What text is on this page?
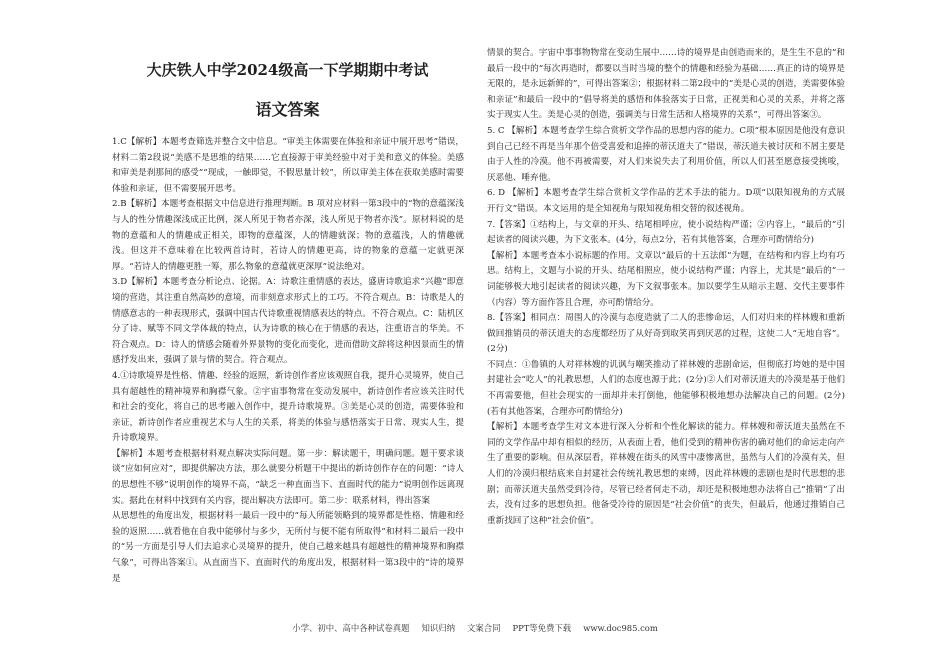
大庆铁人中学2024级高一下学期期中考试
语文答案

1.C【解析】本题考查筛选并整合文中信息。“审美主体需要在体验和亲证中展开思考”错误，材料二第2段说“美感不是思维的结果……它直接源于审美经验中对于美和意义的体验。美感和审美是刹那间的感受”“现成，一触即觉，不假思量计较”，所以审美主体在获取美感时需要体验和亲证，但不需要展开思考。

2.B【解析】本题考查根据文中信息进行推理判断。B 项对应材料一第3段中的“物的意蕴深浅与人的性分情趣深浅成正比例，深人所见于物者亦深，浅人所见于物者亦浅”。原材料说的是物的意蕴和人的情趣成正相关，即物的意蕴深，人的情趣就深；物的意蕴浅，人的情趣就浅。但这并不意味着在比较两首诗时，若诗人的情趣更高，诗的物象的意蕴一定就更深厚。“若诗人的情趣更胜一筹，那么物象的意蕴就更深厚”说法绝对。

3.D【解析】本题考查分析论点、论据。A：诗歌注重情感的表达，盛唐诗歌追求“兴趣”即意境的营造，其注重自然高妙的意境，而非刻意求形式上的工巧。不符合观点。B：诗歌是人的情感意志的一种表现形式，强调中国古代诗歌重视情感表达的特点。不符合观点。C：陆机区分了诗、赋等不同文学体裁的特点，认为诗歌的核心在于情感的表达，注重语言的华美。不符合观点。D：诗人的情感会随着外界景物的变化而变化，进而借助文辞将这种因景而生的情感抒发出来，强调了景与情的契合。符合观点。

4.①诗歌境界是性格、情趣、经验的返照，新诗创作者应该观照自我，提升心灵境界，使自己具有超越性的精神境界和胸襟气象。②宇宙事物常在变动发展中，新诗创作者应该关注时代和社会的变化，将自己的思考融入创作中，提升诗歌境界。③美是心灵的创造，需要体验和亲证，新诗创作者应重视艺术与人生的关系，将美的体验与感悟落实于日常、现实人生，提升诗歌境界。

【解析】本题考查根据材料观点解决实际问题。第一步：解读题干，明确问题。题干要求谈谈“应如何应对”，即提供解决方法，那么就要分析题干中提出的新诗创作存在的问题：“诗人的思想性不够”说明创作的境界不高，“缺乏一种直面当下、直面时代的能力”说明创作远离现实。据此在材料中找到有关内容，提出解决方法即可。第二步：联系材料，得出答案

从思想性的角度出发，根据材料一最后一段中的“每人所能领略到的境界都是性格、情趣和经验的返照……就看他在自我中能够付与多少，无所付与便不能有所取得”和材料二最后一段中的“另一方面是引导人们去追求心灵境界的提升，使自己越来越具有超越性的精神境界和胸襟气象”，可得出答案①。从直面当下、直面时代的角度出发，根据材料一第3段中的“诗的境界是

情景的契合。宇宙中事事物物常在变动生展中……诗的境界是由创造而来的，是生生不息的”和最后一段中的“每次再造时，都要以当时当境的整个的情趣和经验为基础……真正的诗的境界是无限的，是永远新鲜的”，可得出答案②；根据材料二第2段中的“美是心灵的创造，美需要体验和亲证”和最后一段中的“倡导将美的感悟和体验落实于日常，正视美和心灵的关系，并将之落实于现实人生。美是心灵的创造，强调美与日常生活和人格境界的关系”，可得出答案③。

5. C 【解析】本题考查学生综合赏析文学作品的思想内容的能力。C项“根本原因是他没有意识到自己已经不再是当年那个倍受喜爱和追捧的蒂沃道夫了”错误，蒂沃道夫被讨厌和不屑主要是由于人性的冷漠。他不再被需要，对人们来说失去了利用价值，所以人们甚至愿意接受挑唆，厌恶他、唾弃他。

6. D 【解析】本题考查学生综合赏析文学作品的艺术手法的能力。D项“以限知视角的方式展开行文”错误。本文运用的是全知视角与限知视角相交替的叙述视角。

7.【答案】①结构上，与文章的开头、结尾相呼应，使小说结构严谨；②内容上，“最后的”引起读者的阅读兴趣，为下文张本。(4分，每点2分，若有其他答案，合理亦可酌情给分)

【解析】本题考查本小说标题的作用。文章以“最后的十五法郎”为题，在结构和内容上均有巧思。结构上，文题与小说的开头、结尾相照应，使小说结构严谨；内容上，尤其是“最后的”一词能够极大地引起读者的阅读兴趣，为下文叙事张本。加以要学生从暗示主题、交代主要事件（内容）等方面作答且合理，亦可酌情给分。

8.【答案】相同点：周围人的冷漠与态度造就了二人的悲惨命运，人们对归来的样林嫂和重新做回推销员的蒂沃道夫的态度都经历了从好奇到取笑再到厌恶的过程，这使二人“无地自容”。(2分)

不同点：①鲁镇的人对祥林嫂的讥讽与嘲笑推动了祥林嫂的悲剧命运，但彻底打垮她的是中国封建社会“吃人”的礼教思想，人们的态度也源于此；(2分)②人们对蒂沃道夫的冷漠是基于他们不再需要他，但社会现实的一面却并未打倒他，他能够积极地想办法解决自己的问题。(2分)(若有其他答案，合理亦可酌情给分)

【解析】本题考查学生对文本进行深入分析和个性化解读的能力。样林嫂和蒂沃道夫虽然在不同的文学作品中却有相似的经历，从表面上看，他们受到的精神伤害的确对他们的命运走向产生了重要的影响。但从深层看，祥林嫂在街头的风雪中凄惨离世，虽然与人们的冷漠有关，但人们的冷漠归根结底来自封建社会传统礼教思想的束缚，因此祥林嫂的悲剧也是时代思想的悲剧；而蒂沃道夫虽然受到冷待，尽管已经者何走不动，却还是积极地想办法将自己“推销”了出去，没有过多的思想负担。他备受冷待的原因是“社会价值”的丧失，但最后，他通过推销自己重新找回了这种“社会价值”。

小学、初中、高中各种试卷真题 知识归纳 文案合同 PPT等免费下载 www.doc985.com
